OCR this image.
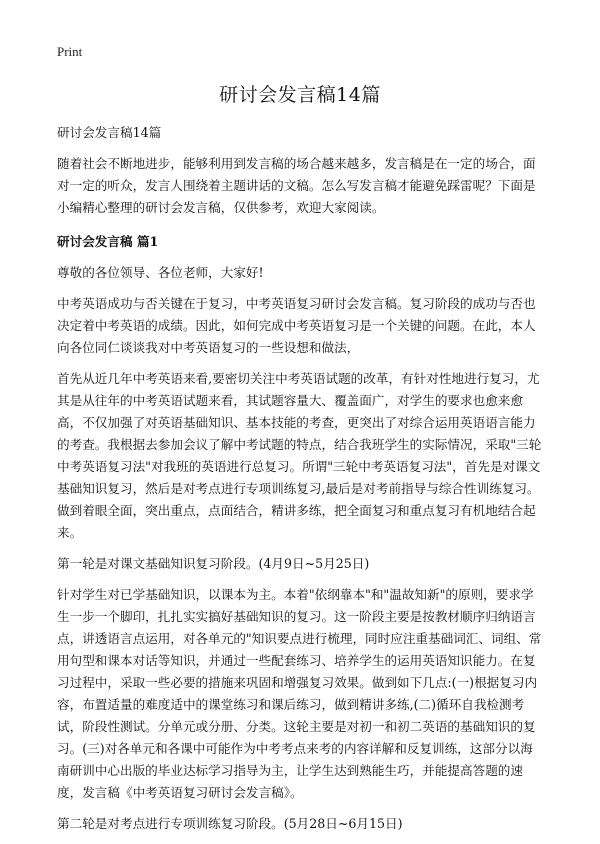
Print
研讨会发言稿14篇

研讨会发言稿14篇

随着社会不断地进步，能够利用到发言稿的场合越来越多，发言稿是在一定的场合，面对一定的听众，发言人围绕着主题讲话的文稿。怎么写发言稿才能避免踩雷呢？下面是小编精心整理的研讨会发言稿，仅供参考，欢迎大家阅读。

研讨会发言稿 篇1

尊敬的各位领导、各位老师，大家好!

中考英语成功与否关键在于复习，中考英语复习研讨会发言稿。复习阶段的成功与否也决定着中考英语的成绩。因此，如何完成中考英语复习是一个关键的问题。在此，本人向各位同仁谈谈我对中考英语复习的一些设想和做法，

首先从近几年中考英语来看,要密切关注中考英语试题的改革，有针对性地进行复习，尤其是从往年的中考英语试题来看，其试题容量大、覆盖面广，对学生的要求也愈来愈高，不仅加强了对英语基础知识、基本技能的考查，更突出了对综合运用英语语言能力的考查。我根据去参加会议了解中考试题的特点，结合我班学生的实际情况，采取"三轮中考英语复习法"对我班的英语进行总复习。所谓"三轮中考英语复习法"，首先是对课文基础知识复习，然后是对考点进行专项训练复习,最后是对考前指导与综合性训练复习。做到着眼全面，突出重点，点面结合，精讲多练，把全面复习和重点复习有机地结合起来。

第一轮是对课文基础知识复习阶段。(4月9日~5月25日)

针对学生对已学基础知识，以课本为主。本着"依纲靠本"和"温故知新"的原则，要求学生一步一个脚印，扎扎实实搞好基础知识的复习。这一阶段主要是按教材顺序归纳语言点，讲透语言点运用，对各单元的"知识要点进行梳理，同时应注重基础词汇、词组、常用句型和课本对话等知识，并通过一些配套练习、培养学生的运用英语知识能力。在复习过程中，采取一些必要的措施来巩固和增强复习效果。做到如下几点:(一)根据复习内容，布置适量的难度适中的课堂练习和课后练习，做到精讲多练,(二)循环自我检测考试，阶段性测试。分单元或分册、分类。这轮主要是对初一和初二英语的基础知识的复习。(三)对各单元和各课中可能作为中考考点来考的内容详解和反复训练，这部分以海南研训中心出版的毕业达标学习指导为主，让学生达到熟能生巧，并能提高答题的速度，发言稿《中考英语复习研讨会发言稿》。

第二轮是对考点进行专项训练复习阶段。(5月28日~6月15日)
